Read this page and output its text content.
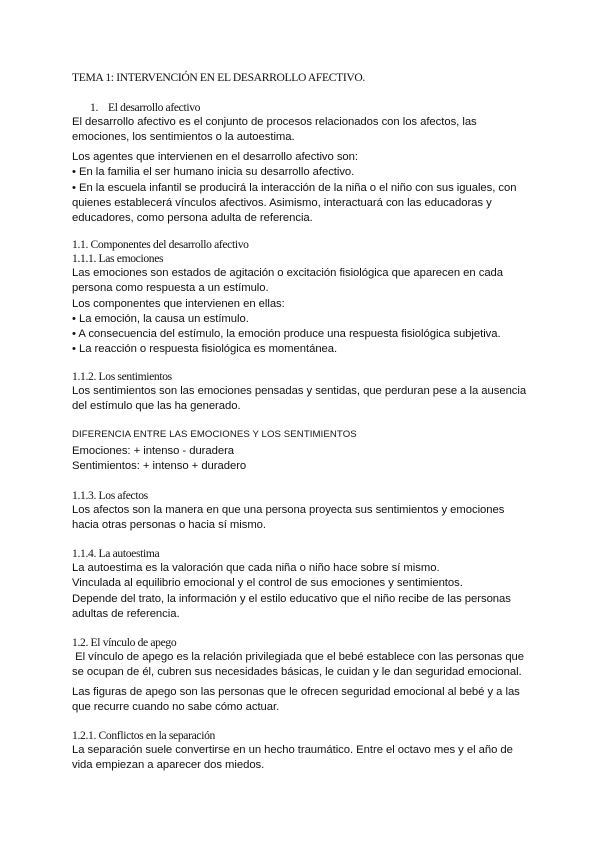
TEMA 1: INTERVENCIÓN EN EL DESARROLLO AFECTIVO.
1. El desarrollo afectivo
El desarrollo afectivo es el conjunto de procesos relacionados con los afectos, las
emociones, los sentimientos o la autoestima.
Los agentes que intervienen en el desarrollo afectivo son:
• En la familia el ser humano inicia su desarrollo afectivo.
• En la escuela infantil se producirá la interacción de la niña o el niño con sus iguales, con
quienes establecerá vínculos afectivos. Asimismo, interactuará con las educadoras y
educadores, como persona adulta de referencia.
1.1. Componentes del desarrollo afectivo
1.1.1. Las emociones
Las emociones son estados de agitación o excitación fisiológica que aparecen en cada
persona como respuesta a un estímulo.
Los componentes que intervienen en ellas:
• La emoción, la causa un estímulo.
• A consecuencia del estímulo, la emoción produce una respuesta fisiológica subjetiva.
• La reacción o respuesta fisiológica es momentánea.
1.1.2. Los sentimientos
Los sentimientos son las emociones pensadas y sentidas, que perduran pese a la ausencia
del estímulo que las ha generado.
DIFERENCIA ENTRE LAS EMOCIONES Y LOS SENTIMIENTOS
Emociones: + intenso - duradera
Sentimientos: + intenso + duradero
1.1.3. Los afectos
Los afectos son la manera en que una persona proyecta sus sentimientos y emociones
hacia otras personas o hacia sí mismo.
1.1.4. La autoestima
La autoestima es la valoración que cada niña o niño hace sobre sí mismo.
Vinculada al equilibrio emocional y el control de sus emociones y sentimientos.
Depende del trato, la información y el estilo educativo que el niño recibe de las personas
adultas de referencia.
1.2. El vínculo de apego
El vínculo de apego es la relación privilegiada que el bebé establece con las personas que
se ocupan de él, cubren sus necesidades básicas, le cuidan y le dan seguridad emocional.
Las figuras de apego son las personas que le ofrecen seguridad emocional al bebé y a las
que recurre cuando no sabe cómo actuar.
1.2.1. Conflictos en la separación
La separación suele convertirse en un hecho traumático. Entre el octavo mes y el año de
vida empiezan a aparecer dos miedos.
